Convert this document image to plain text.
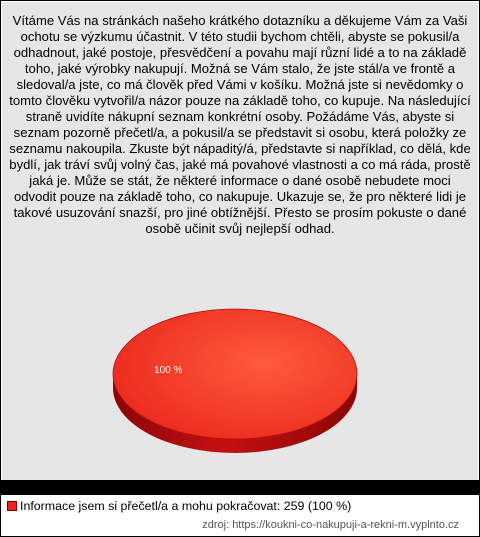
Vítáme Vás na stránkách našeho krátkého dotazníku a děkujeme Vám za Vaši ochotu se výzkumu účastnit. V této studii bychom chtěli, abyste se pokusil/a odhadnout, jaké postoje, přesvědčení a povahu mají různí lidé a to na základě toho, jaké výrobky nakupují. Možná se Vám stalo, že jste stál/a ve frontě a sledoval/a jste, co má člověk před Vámi v košíku. Možná jste si nevědomky o tomto člověku vytvořil/a názor pouze na základě toho, co kupuje. Na následující straně uvidíte nákupní seznam konkrétní osoby. Požádáme Vás, abyste si seznam pozorně přečetl/a, a pokusil/a se představit si osobu, která položky ze seznamu nakoupila. Zkuste být nápaditý/á, představte si například, co dělá, kde bydlí, jak tráví svůj volný čas, jaké má povahové vlastnosti a co má ráda, prostě jaká je. Může se stát, že některé informace o dané osobě nebudete moci odvodit pouze na základě toho, co nakupuje. Ukazuje se, že pro některé lidi je takové usuzování snazší, pro jiné obtížnější. Přesto se prosím pokuste o dané osobě učinit svůj nejlepší odhad.

100 %
Informace jsem si přečetl/a a mohu pokračovat: 259 (100 %)
zdroj: https://koukni-co-nakupuji-a-rekni-m.vyplnto.cz
